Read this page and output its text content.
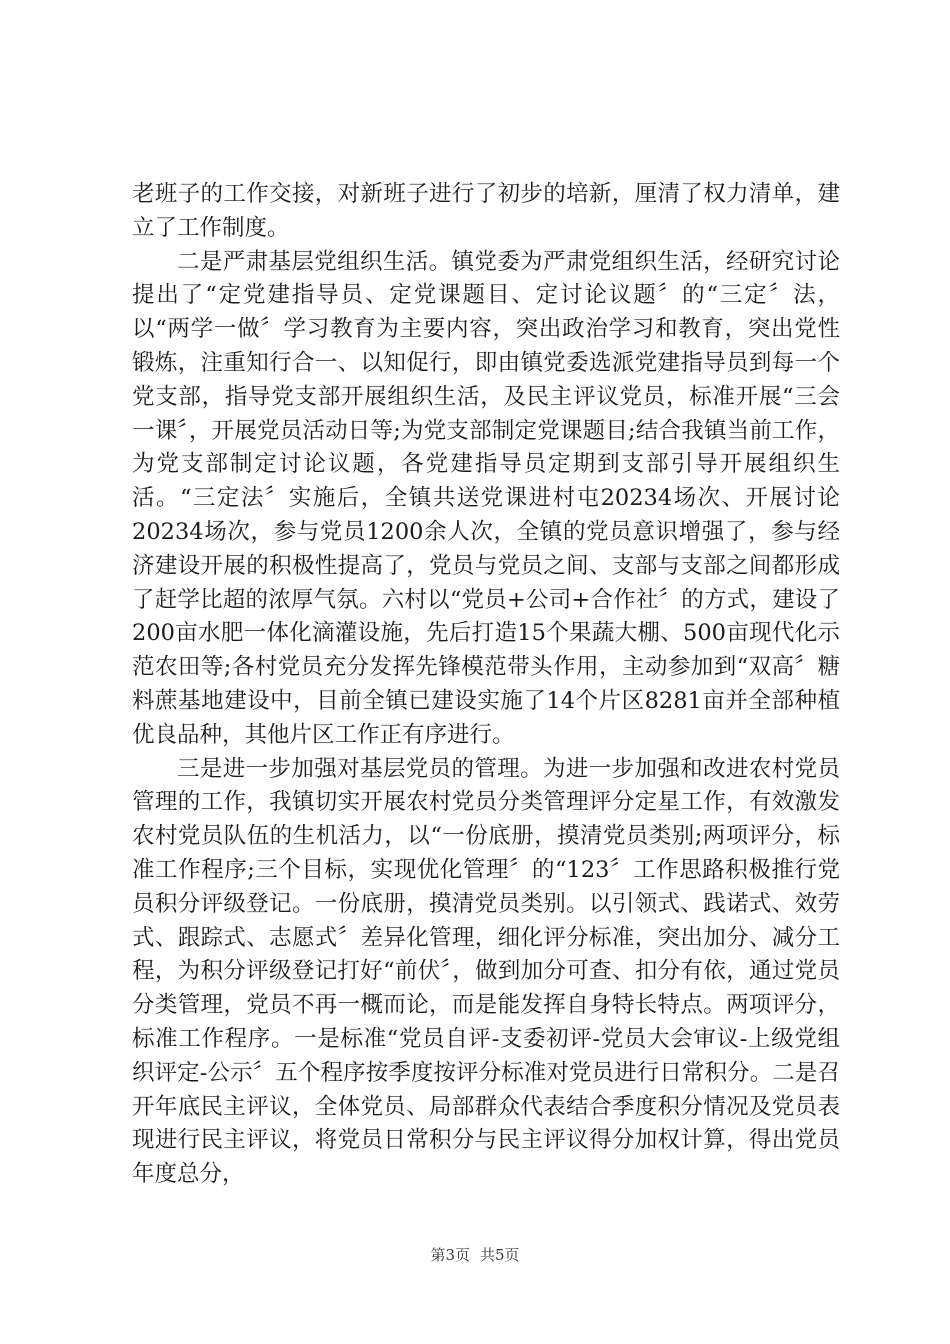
老班子的工作交接，对新班子进行了初步的培新，厘清了权力清单，建立了工作制度。

二是严肃基层党组织生活。镇党委为严肃党组织生活，经研究讨论提出了“定党建指导员、定党课题目、定讨论议题〞的“三定〞法，以“两学一做〞学习教育为主要内容，突出政治学习和教育，突出党性锻炼，注重知行合一、以知促行，即由镇党委选派党建指导员到每一个党支部，指导党支部开展组织生活，及民主评议党员，标准开展“三会一课〞，开展党员活动日等;为党支部制定党课题目;结合我镇当前工作，为党支部制定讨论议题，各党建指导员定期到支部引导开展组织生活。“三定法〞实施后，全镇共送党课进村屯20234场次、开展讨论20234场次，参与党员1200余人次，全镇的党员意识增强了，参与经济建设开展的积极性提高了，党员与党员之间、支部与支部之间都形成了赶学比超的浓厚气氛。六村以“党员+公司+合作社〞的方式，建设了200亩水肥一体化滴灌设施，先后打造15个果蔬大棚、500亩现代化示范农田等;各村党员充分发挥先锋模范带头作用，主动参加到“双高〞糖料蔗基地建设中，目前全镇已建设实施了14个片区8281亩并全部种植优良品种，其他片区工作正有序进行。

三是进一步加强对基层党员的管理。为进一步加强和改进农村党员管理的工作，我镇切实开展农村党员分类管理评分定星工作，有效激发农村党员队伍的生机活力，以“一份底册，摸清党员类别;两项评分，标准工作程序;三个目标，实现优化管理〞的“123〞工作思路积极推行党员积分评级登记。一份底册，摸清党员类别。以引领式、践诺式、效劳式、跟踪式、志愿式〞差异化管理，细化评分标准，突出加分、减分工程，为积分评级登记打好“前伏〞，做到加分可查、扣分有依，通过党员分类管理，党员不再一概而论，而是能发挥自身特长特点。两项评分，标准工作程序。一是标准“党员自评-支委初评-党员大会审议-上级党组织评定-公示〞五个程序按季度按评分标准对党员进行日常积分。二是召开年底民主评议，全体党员、局部群众代表结合季度积分情况及党员表现进行民主评议，将党员日常积分与民主评议得分加权计算，得出党员年度总分，

第3页 共5页
